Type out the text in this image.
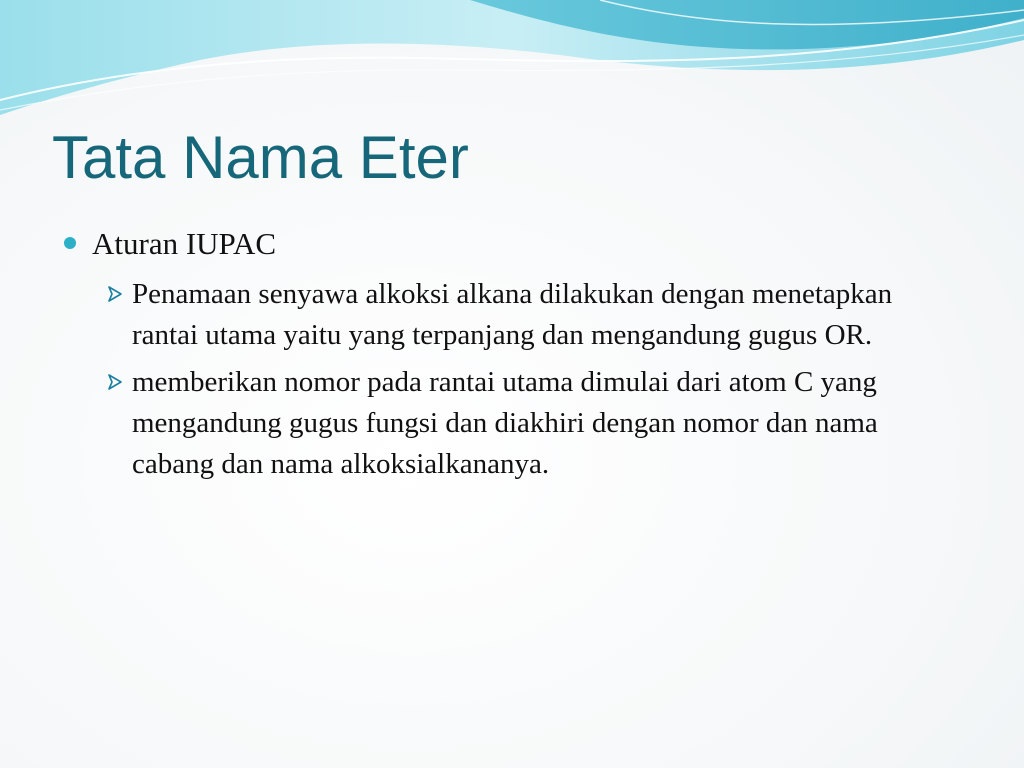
Tata Nama Eter
Aturan IUPAC
Penamaan senyawa alkoksi alkana dilakukan dengan menetapkan rantai utama yaitu yang terpanjang dan mengandung gugus OR.
memberikan nomor pada rantai utama dimulai dari atom C yang mengandung gugus fungsi dan diakhiri dengan nomor dan nama cabang dan nama alkoksialkananya.
